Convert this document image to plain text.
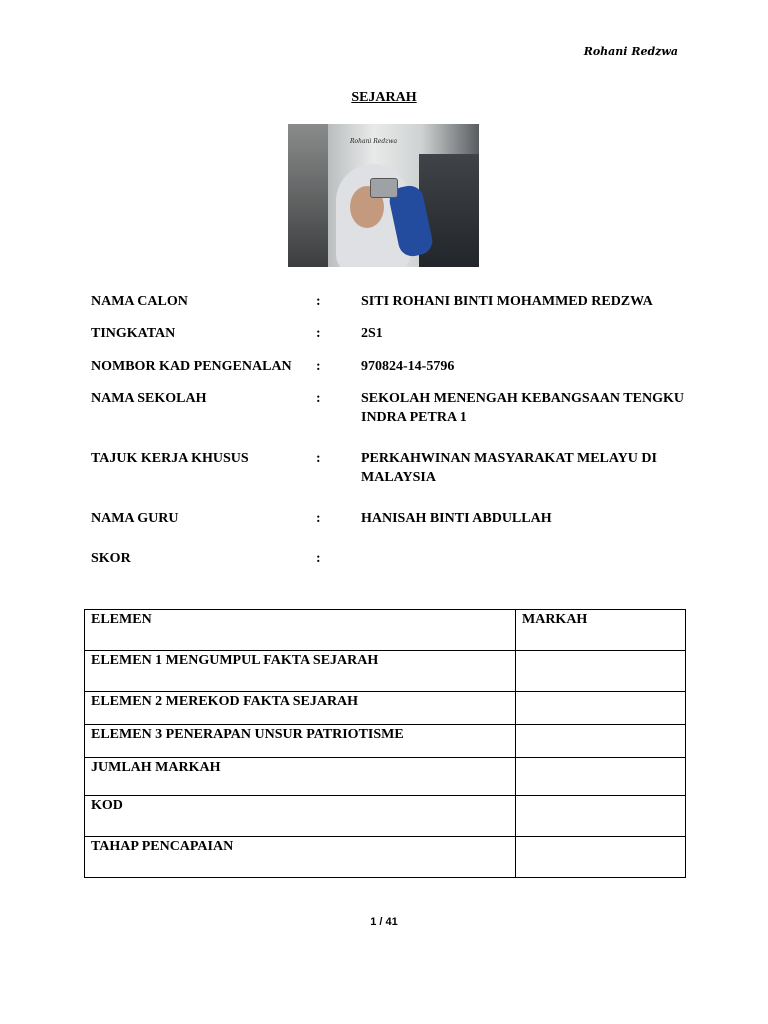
Rohani Redzwa
SEJARAH
Rohani Redzwa
NAMA CALON	:	SITI ROHANI BINTI MOHAMMED REDZWA
TINGKATAN	:	2S1
NOMBOR KAD PENGENALAN :	970824-14-5796
NAMA SEKOLAH	:	SEKOLAH MENENGAH KEBANGSAAN TENGKU INDRA PETRA 1
TAJUK KERJA KHUSUS	:	PERKAHWINAN MASYARAKAT MELAYU DI MALAYSIA
NAMA GURU	:	HANISAH BINTI ABDULLAH
SKOR	:
ELEMEN	MARKAH
ELEMEN 1 MENGUMPUL FAKTA SEJARAH	
ELEMEN 2 MEREKOD FAKTA SEJARAH	
ELEMEN 3 PENERAPAN UNSUR PATRIOTISME	
JUMLAH MARKAH	
KOD	
TAHAP PENCAPAIAN	
1 / 41
